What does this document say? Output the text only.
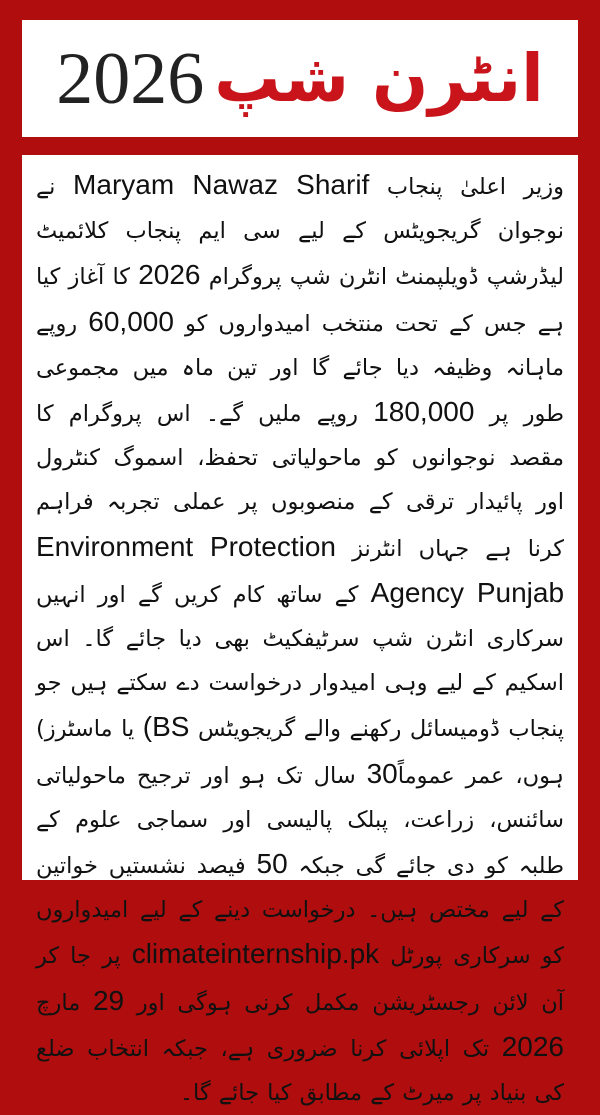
انٹرن شپ
2026

وزیر اعلیٰ پنجاب Maryam Nawaz Sharif نے نوجوان گریجویٹس کے لیے سی ایم پنجاب کلائمیٹ لیڈرشپ ڈویلپمنٹ انٹرن شپ پروگرام 2026 کا آغاز کیا ہے جس کے تحت منتخب امیدواروں کو 60,000 روپے ماہانہ وظیفہ دیا جائے گا اور تین ماہ میں مجموعی طور پر 180,000 روپے ملیں گے۔ اس پروگرام کا مقصد نوجوانوں کو ماحولیاتی تحفظ، اسموگ کنٹرول اور پائیدار ترقی کے منصوبوں پر عملی تجربہ فراہم کرنا ہے جہاں انٹرنز Environment Protection Agency Punjab کے ساتھ کام کریں گے اور انہیں سرکاری انٹرن شپ سرٹیفکیٹ بھی دیا جائے گا۔ اس اسکیم کے لیے وہی امیدوار درخواست دے سکتے ہیں جو پنجاب ڈومیسائل رکھنے والے گریجویٹس (BS یا ماسٹرز) ہوں، عمر عموماً30 سال تک ہو اور ترجیح ماحولیاتی سائنس، زراعت، پبلک پالیسی اور سماجی علوم کے طلبہ کو دی جائے گی جبکہ 50 فیصد نشستیں خواتین کے لیے مختص ہیں۔ درخواست دینے کے لیے امیدواروں کو سرکاری پورٹل climateinternship.pk پر جا کر آن لائن رجسٹریشن مکمل کرنی ہوگی اور 29 مارچ 2026 تک اپلائی کرنا ضروری ہے، جبکہ انتخاب ضلع کی بنیاد پر میرٹ کے مطابق کیا جائے گا۔
